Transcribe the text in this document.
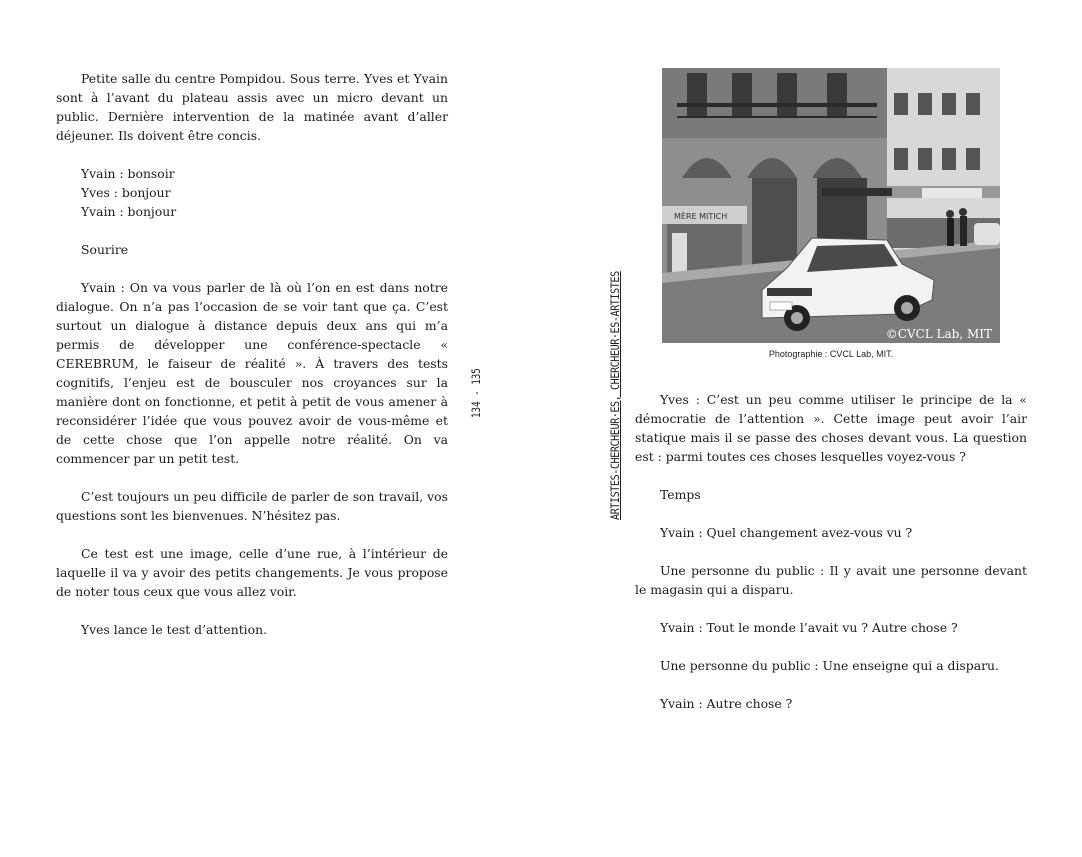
Petite salle du centre Pompidou. Sous terre. Yves et Yvain sont à l’avant du plateau assis avec un micro devant un public. Dernière intervention de la matinée avant d’aller déjeuner. Ils doivent être concis.

Yvain : bonsoir

Yves : bonjour

Yvain : bonjour

Sourire

Yvain : On va vous parler de là où l’on en est dans notre dialogue. On n’a pas l’occasion de se voir tant que ça. C’est surtout un dialogue à distance depuis deux ans qui m’a permis de développer une conférence-spectacle « CEREBRUM, le faiseur de réalité ». À travers des tests cognitifs, l’enjeu est de bousculer nos croyances sur la manière dont on fonctionne, et petit à petit de vous amener à reconsidérer l’idée que vous pouvez avoir de vous-même et de cette chose que l’on appelle notre réalité. On va commencer par un petit test.

C’est toujours un peu difficile de parler de son travail, vos questions sont les bienvenues. N’hésitez pas.

Ce test est une image, celle d’une rue, à l’intérieur de laquelle il va y avoir des petits changements. Je vous propose de noter tous ceux que vous allez voir.

Yves lance le test d’attention.

134 - 135	ARTISTES-CHERCHEUR·ES, CHERCHEUR·ES-ARTISTES
MÈRE MITICH
©CVCL Lab, MIT
Photographie : CVCL Lab, MIT.

Yves : C’est un peu comme utiliser le principe de la « démocratie de l’attention ». Cette image peut avoir l’air statique mais il se passe des choses devant vous. La question est : parmi toutes ces choses lesquelles voyez-vous ?

Temps

Yvain : Quel changement avez-vous vu ?

Une personne du public : Il y avait une personne devant le magasin qui a disparu.

Yvain : Tout le monde l’avait vu ? Autre chose ?

Une personne du public : Une enseigne qui a disparu.

Yvain : Autre chose ?
